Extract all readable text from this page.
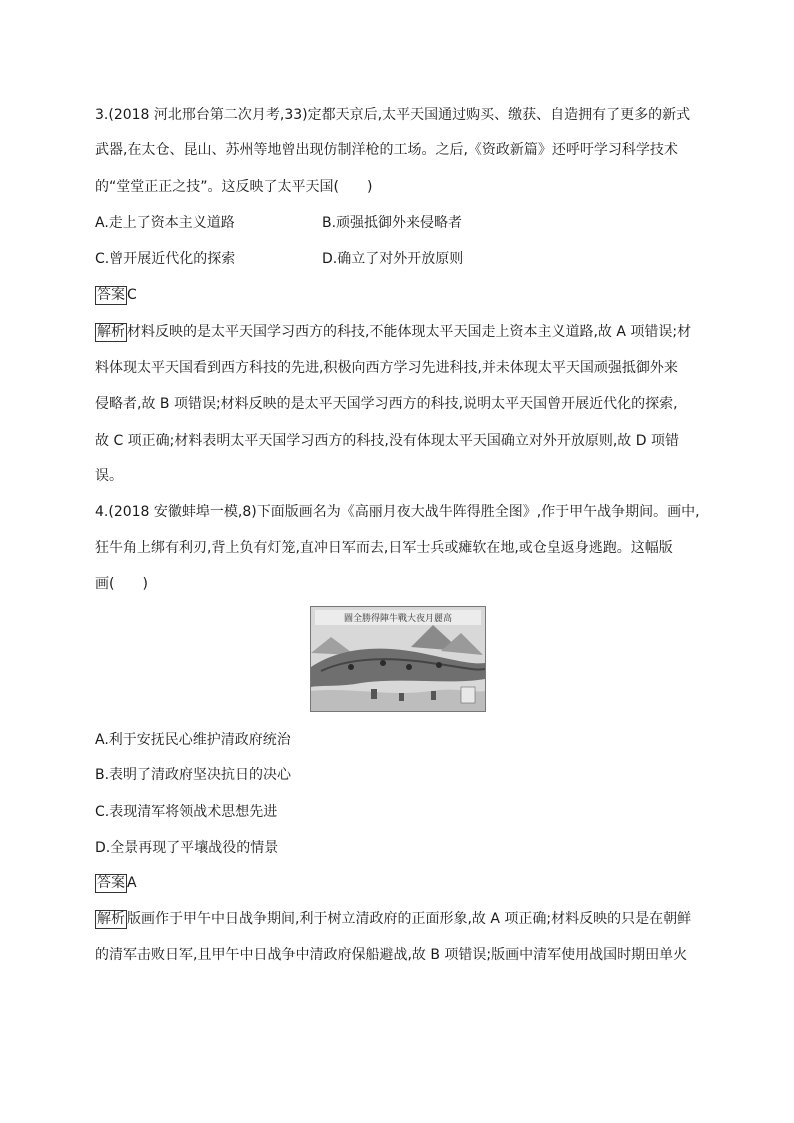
3.(2018 河北邢台第二次月考,33)定都天京后,太平天国通过购买、缴获、自造拥有了更多的新式
武器,在太仓、昆山、苏州等地曾出现仿制洋枪的工场。之后,《资政新篇》还呼吁学习科学技术
的“堂堂正正之技”。这反映了太平天国(　　)
A.走上了资本主义道路	B.顽强抵御外来侵略者
C.曾开展近代化的探索	D.确立了对外开放原则
答案 C
解析 材料反映的是太平天国学习西方的科技,不能体现太平天国走上资本主义道路,故 A 项错误;材
料体现太平天国看到西方科技的先进,积极向西方学习先进科技,并未体现太平天国顽强抵御外来
侵略者,故 B 项错误;材料反映的是太平天国学习西方的科技,说明太平天国曾开展近代化的探索,
故 C 项正确;材料表明太平天国学习西方的科技,没有体现太平天国确立对外开放原则,故 D 项错
误。
4.(2018 安徽蚌埠一模,8)下面版画名为《高丽月夜大战牛阵得胜全图》,作于甲午战争期间。画中,
狂牛角上绑有利刃,背上负有灯笼,直冲日军而去,日军士兵或瘫软在地,或仓皇返身逃跑。这幅版
画(　　)
圖全勝得陣牛戰大夜月麗高
A.利于安抚民心维护清政府统治
B.表明了清政府坚决抗日的决心
C.表现清军将领战术思想先进
D.全景再现了平壤战役的情景
答案 A
解析 版画作于甲午中日战争期间,利于树立清政府的正面形象,故 A 项正确;材料反映的只是在朝鲜
的清军击败日军,且甲午中日战争中清政府保船避战,故 B 项错误;版画中清军使用战国时期田单火
